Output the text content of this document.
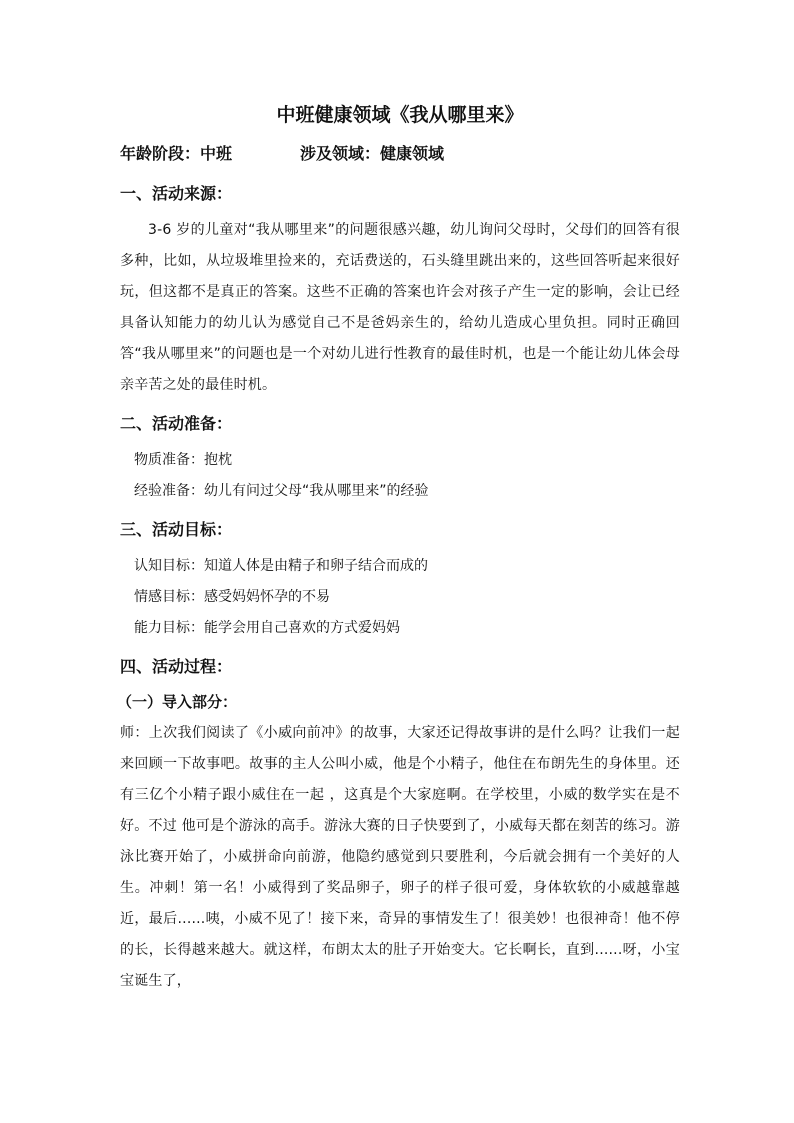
中班健康领域《我从哪里来》
年龄阶段：中班	涉及领域：健康领域
一、活动来源：

3-6 岁的儿童对“我从哪里来”的问题很感兴趣，幼儿询问父母时，父母们的回答有很多种，比如，从垃圾堆里捡来的，充话费送的，石头缝里跳出来的，这些回答听起来很好玩，但这都不是真正的答案。这些不正确的答案也许会对孩子产生一定的影响，会让已经具备认知能力的幼儿认为感觉自己不是爸妈亲生的，给幼儿造成心里负担。同时正确回答“我从哪里来”的问题也是一个对幼儿进行性教育的最佳时机，也是一个能让幼儿体会母亲辛苦之处的最佳时机。

二、活动准备：

物质准备：抱枕

经验准备：幼儿有问过父母“我从哪里来”的经验

三、活动目标：

认知目标：知道人体是由精子和卵子结合而成的

情感目标：感受妈妈怀孕的不易

能力目标：能学会用自己喜欢的方式爱妈妈

四、活动过程：
（一）导入部分：

师：上次我们阅读了《小威向前冲》的故事，大家还记得故事讲的是什么吗？让我们一起来回顾一下故事吧。故事的主人公叫小威，他是个小精子，他住在布朗先生的身体里。还有三亿个小精子跟小威住在一起 ，这真是个大家庭啊。在学校里，小威的数学实在是不好。不过 他可是个游泳的高手。游泳大赛的日子快要到了，小威每天都在刻苦的练习。游泳比赛开始了，小威拼命向前游，他隐约感觉到只要胜利，今后就会拥有一个美好的人生。冲刺！第一名！小威得到了奖品卵子，卵子的样子很可爱，身体软软的小威越靠越近，最后......咦，小威不见了！接下来，奇异的事情发生了！很美妙！也很神奇！他不停的长，长得越来越大。就这样，布朗太太的肚子开始变大。它长啊长，直到......呀，小宝宝诞生了，
